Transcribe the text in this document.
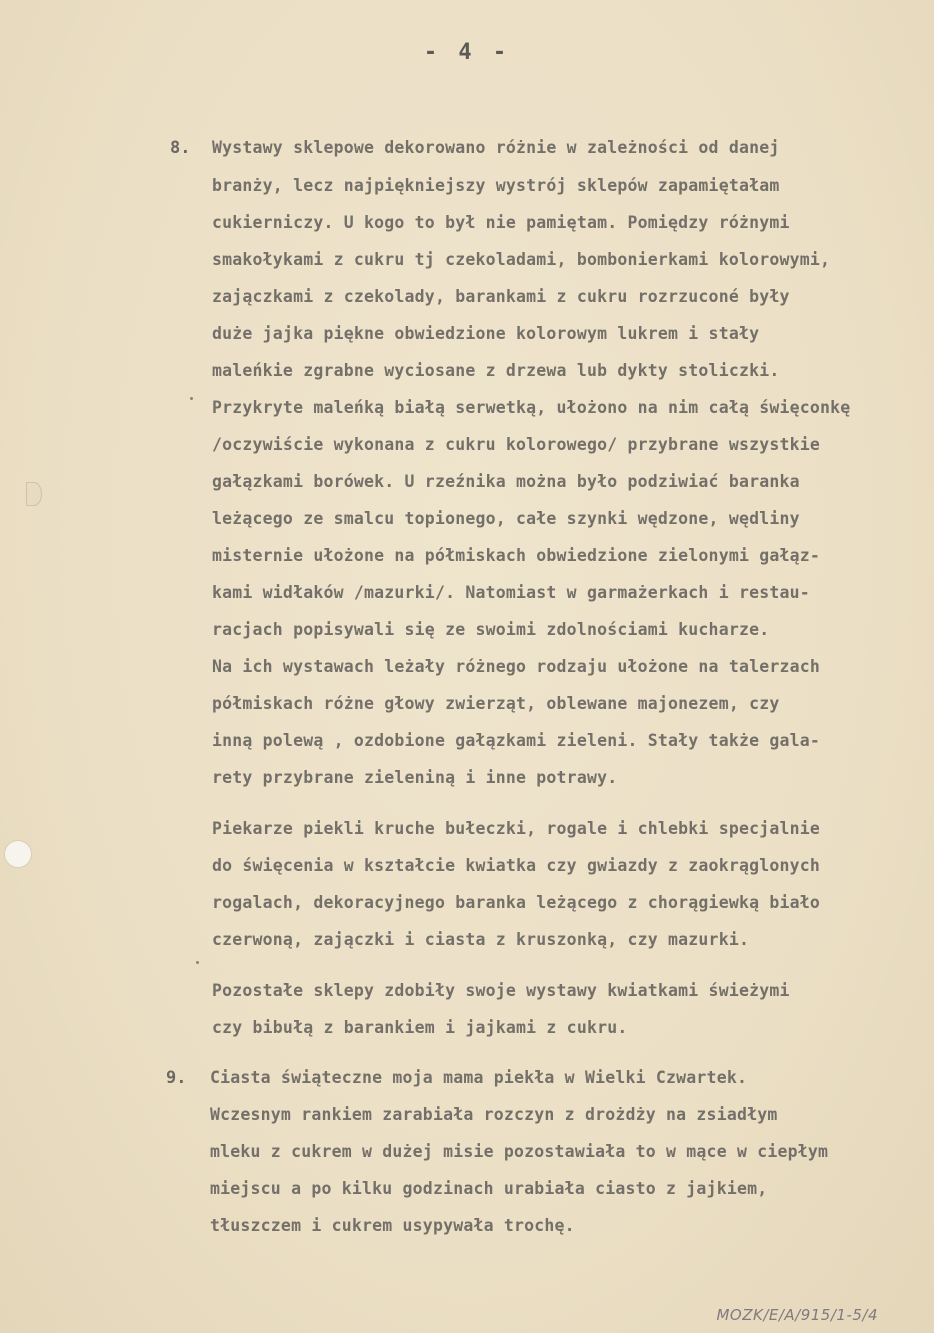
- 4 -
8. Wystawy sklepowe dekorowano różnie w zależności od danej
branży, lecz najpiękniejszy wystrój sklepów zapamiętałam
cukierniczy. U kogo to był nie pamiętam. Pomiędzy różnymi
smakołykami z cukru tj czekoladami, bombonierkami kolorowymi,
zajączkami z czekolady, barankami z cukru rozrzuconé były
duże jajka piękne obwiedzione kolorowym lukrem i stały
maleńkie zgrabne wyciosane z drzewa lub dykty stoliczki.
Przykryte maleńką białą serwetką, ułożono na nim całą święconkę
/oczywiście wykonana z cukru kolorowego/ przybrane wszystkie
gałązkami borówek. U rzeźnika można było podziwiać baranka
leżącego ze smalcu topionego, całe szynki wędzone, wędliny
misternie ułożone na półmiskach obwiedzione zielonymi gałąz-
kami widłaków /mazurki/. Natomiast w garmażerkach i restau-
racjach popisywali się ze swoimi zdolnościami kucharze.
Na ich wystawach leżały różnego rodzaju ułożone na talerzach
półmiskach różne głowy zwierząt, oblewane majonezem, czy
inną polewą , ozdobione gałązkami zieleni. Stały także gala-
rety przybrane zieleniną i inne potrawy.
Piekarze piekli kruche bułeczki, rogale i chlebki specjalnie
do święcenia w kształcie kwiatka czy gwiazdy z zaokrąglonych
rogalach, dekoracyjnego baranka leżącego z chorągiewką biało
czerwoną, zajączki i ciasta z kruszonką, czy mazurki.
Pozostałe sklepy zdobiły swoje wystawy kwiatkami świeżymi
czy bibułą z barankiem i jajkami z cukru.
9. Ciasta świąteczne moja mama piekła w Wielki Czwartek.
Wczesnym rankiem zarabiała rozczyn z drożdży na zsiadłym
mleku z cukrem w dużej misie pozostawiała to w mące w ciepłym
miejscu a po kilku godzinach urabiała ciasto z jajkiem,
tłuszczem i cukrem usypywała trochę.
MOZK/E/A/915/1-5/4
